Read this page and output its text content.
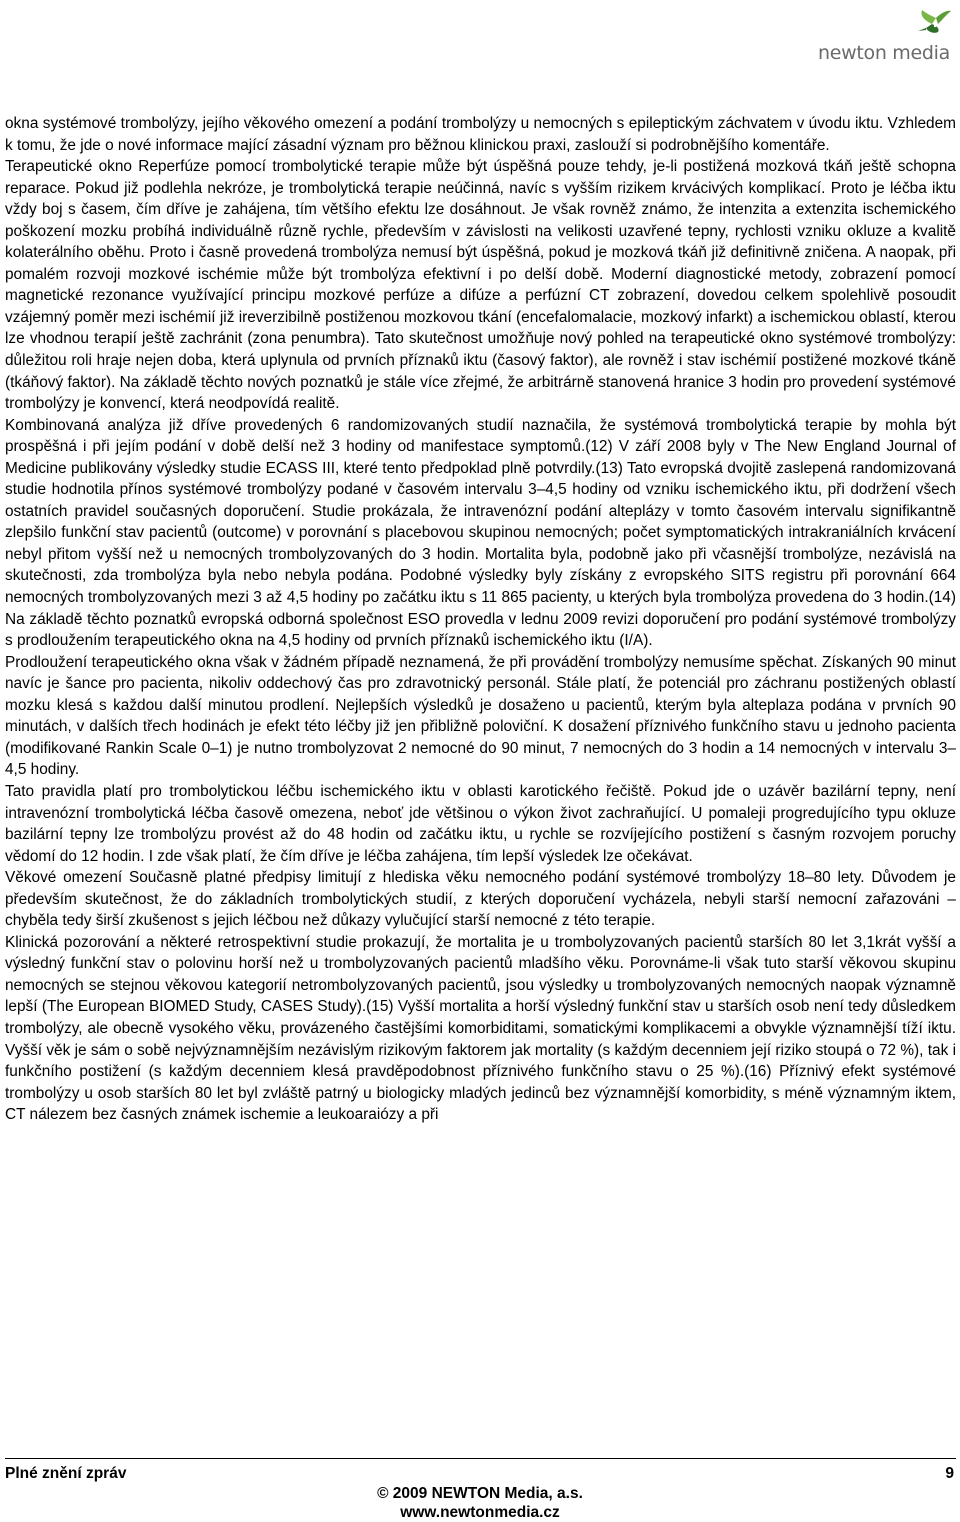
newton media

okna systémové trombolýzy, jejího věkového omezení a podání trombolýzy u nemocných s epileptickým záchvatem v úvodu iktu. Vzhledem k tomu, že jde o nové informace mající zásadní význam pro běžnou klinickou praxi, zaslouží si podrobnějšího komentáře.

Terapeutické okno Reperfúze pomocí trombolytické terapie může být úspěšná pouze tehdy, je-li postižená mozková tkáň ještě schopna reparace. Pokud již podlehla nekróze, je trombolytická terapie neúčinná, navíc s vyšším rizikem krvácivých komplikací. Proto je léčba iktu vždy boj s časem, čím dříve je zahájena, tím většího efektu lze dosáhnout. Je však rovněž známo, že intenzita a extenzita ischemického poškození mozku probíhá individuálně různě rychle, především v závislosti na velikosti uzavřené tepny, rychlosti vzniku okluze a kvalitě kolaterálního oběhu. Proto i časně provedená trombolýza nemusí být úspěšná, pokud je mozková tkáň již definitivně zničena. A naopak, při pomalém rozvoji mozkové ischémie může být trombolýza efektivní i po delší době. Moderní diagnostické metody, zobrazení pomocí magnetické rezonance využívající principu mozkové perfúze a difúze a perfúzní CT zobrazení, dovedou celkem spolehlivě posoudit vzájemný poměr mezi ischémií již ireverzibilně postiženou mozkovou tkání (encefalomalacie, mozkový infarkt) a ischemickou oblastí, kterou lze vhodnou terapií ještě zachránit (zona penumbra). Tato skutečnost umožňuje nový pohled na terapeutické okno systémové trombolýzy: důležitou roli hraje nejen doba, která uplynula od prvních příznaků iktu (časový faktor), ale rovněž i stav ischémií postižené mozkové tkáně (tkáňový faktor). Na základě těchto nových poznatků je stále více zřejmé, že arbitrárně stanovená hranice 3 hodin pro provedení systémové trombolýzy je konvencí, která neodpovídá realitě.

Kombinovaná analýza již dříve provedených 6 randomizovaných studií naznačila, že systémová trombolytická terapie by mohla být prospěšná i při jejím podání v době delší než 3 hodiny od manifestace symptomů.(12) V září 2008 byly v The New England Journal of Medicine publikovány výsledky studie ECASS III, které tento předpoklad plně potvrdily.(13) Tato evropská dvojitě zaslepená randomizovaná studie hodnotila přínos systémové trombolýzy podané v časovém intervalu 3–4,5 hodiny od vzniku ischemického iktu, při dodržení všech ostatních pravidel současných doporučení. Studie prokázala, že intravenózní podání alteplázy v tomto časovém intervalu signifikantně zlepšilo funkční stav pacientů (outcome) v porovnání s placebovou skupinou nemocných; počet symptomatických intrakraniálních krvácení nebyl přitom vyšší než u nemocných trombolyzovaných do 3 hodin. Mortalita byla, podobně jako při včasnější trombolýze, nezávislá na skutečnosti, zda trombolýza byla nebo nebyla podána. Podobné výsledky byly získány z evropského SITS registru při porovnání 664 nemocných trombolyzovaných mezi 3 až 4,5 hodiny po začátku iktu s 11 865 pacienty, u kterých byla trombolýza provedena do 3 hodin.(14) Na základě těchto poznatků evropská odborná společnost ESO provedla v lednu 2009 revizi doporučení pro podání systémové trombolýzy s prodloužením terapeutického okna na 4,5 hodiny od prvních příznaků ischemického iktu (I/A).

Prodloužení terapeutického okna však v žádném případě neznamená, že při provádění trombolýzy nemusíme spěchat. Získaných 90 minut navíc je šance pro pacienta, nikoliv oddechový čas pro zdravotnický personál. Stále platí, že potenciál pro záchranu postižených oblastí mozku klesá s každou další minutou prodlení. Nejlepších výsledků je dosaženo u pacientů, kterým byla alteplaza podána v prvních 90 minutách, v dalších třech hodinách je efekt této léčby již jen přibližně poloviční. K dosažení příznivého funkčního stavu u jednoho pacienta (modifikované Rankin Scale 0–1) je nutno trombolyzovat 2 nemocné do 90 minut, 7 nemocných do 3 hodin a 14 nemocných v intervalu 3–4,5 hodiny.

Tato pravidla platí pro trombolytickou léčbu ischemického iktu v oblasti karotického řečiště. Pokud jde o uzávěr bazilární tepny, není intravenózní trombolytická léčba časově omezena, neboť jde většinou o výkon život zachraňující. U pomaleji progredujícího typu okluze bazilární tepny lze trombolýzu provést až do 48 hodin od začátku iktu, u rychle se rozvíjejícího postižení s časným rozvojem poruchy vědomí do 12 hodin. I zde však platí, že čím dříve je léčba zahájena, tím lepší výsledek lze očekávat.

Věkové omezení Současně platné předpisy limitují z hlediska věku nemocného podání systémové trombolýzy 18–80 lety. Důvodem je především skutečnost, že do základních trombolytických studií, z kterých doporučení vycházela, nebyli starší nemocní zařazováni – chyběla tedy širší zkušenost s jejich léčbou než důkazy vylučující starší nemocné z této terapie.

Klinická pozorování a některé retrospektivní studie prokazují, že mortalita je u trombolyzovaných pacientů starších 80 let 3,1krát vyšší a výsledný funkční stav o polovinu horší než u trombolyzovaných pacientů mladšího věku. Porovnáme-li však tuto starší věkovou skupinu nemocných se stejnou věkovou kategorií netrombolyzovaných pacientů, jsou výsledky u trombolyzovaných nemocných naopak významně lepší (The European BIOMED Study, CASES Study).(15) Vyšší mortalita a horší výsledný funkční stav u starších osob není tedy důsledkem trombolýzy, ale obecně vysokého věku, provázeného častějšími komorbiditami, somatickými komplikacemi a obvykle významnější tíží iktu. Vyšší věk je sám o sobě nejvýznamnějším nezávislým rizikovým faktorem jak mortality (s každým decenniem její riziko stoupá o 72 %), tak i funkčního postižení (s každým decenniem klesá pravděpodobnost příznivého funkčního stavu o 25 %).(16) Příznivý efekt systémové trombolýzy u osob starších 80 let byl zvláště patrný u biologicky mladých jedinců bez významnější komorbidity, s méně významným iktem, CT nálezem bez časných známek ischemie a leukoaraiózy a při

Plné znění zpráv	9
© 2009 NEWTON Media, a.s.
www.newtonmedia.cz
